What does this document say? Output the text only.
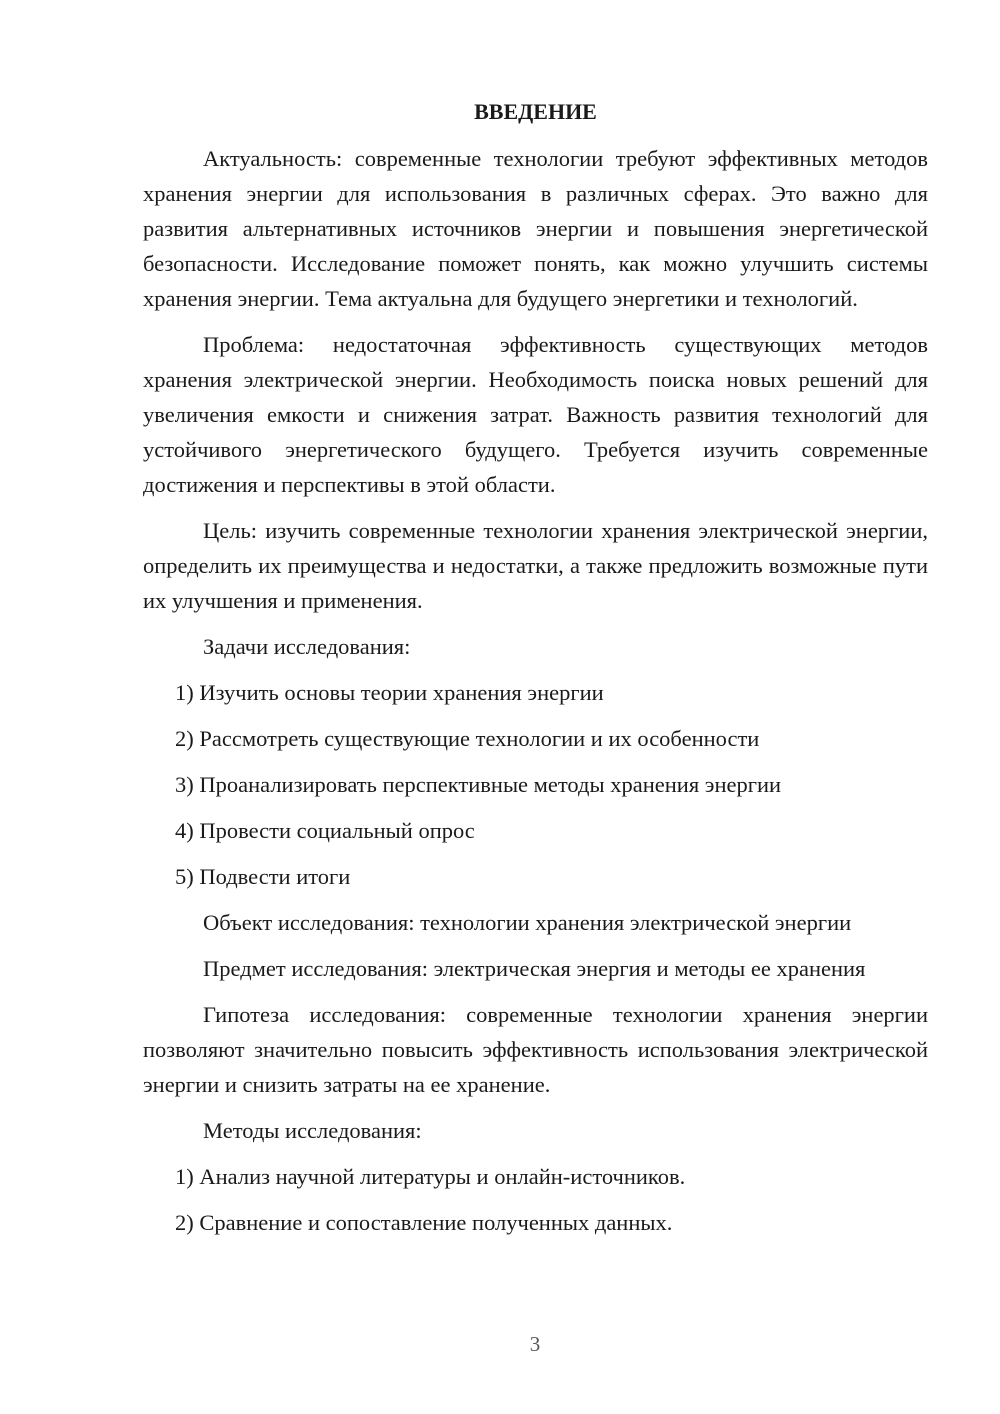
ВВЕДЕНИЕ

Актуальность: современные технологии требуют эффективных методов хранения энергии для использования в различных сферах. Это важно для развития альтернативных источников энергии и повышения энергетической безопасности. Исследование поможет понять, как можно улучшить системы хранения энергии. Тема актуальна для будущего энергетики и технологий.

Проблема: недостаточная эффективность существующих методов хранения электрической энергии. Необходимость поиска новых решений для увеличения емкости и снижения затрат. Важность развития технологий для устойчивого энергетического будущего. Требуется изучить современные достижения и перспективы в этой области.

Цель: изучить современные технологии хранения электрической энергии, определить их преимущества и недостатки, а также предложить возможные пути их улучшения и применения.

Задачи исследования:
1) Изучить основы теории хранения энергии
2) Рассмотреть существующие технологии и их особенности
3) Проанализировать перспективные методы хранения энергии
4) Провести социальный опрос
5) Подвести итоги

Объект исследования: технологии хранения электрической энергии

Предмет исследования: электрическая энергия и методы ее хранения

Гипотеза исследования: современные технологии хранения энергии позволяют значительно повысить эффективность использования электрической энергии и снизить затраты на ее хранение.

Методы исследования:
1) Анализ научной литературы и онлайн-источников.
2) Сравнение и сопоставление полученных данных.
3
